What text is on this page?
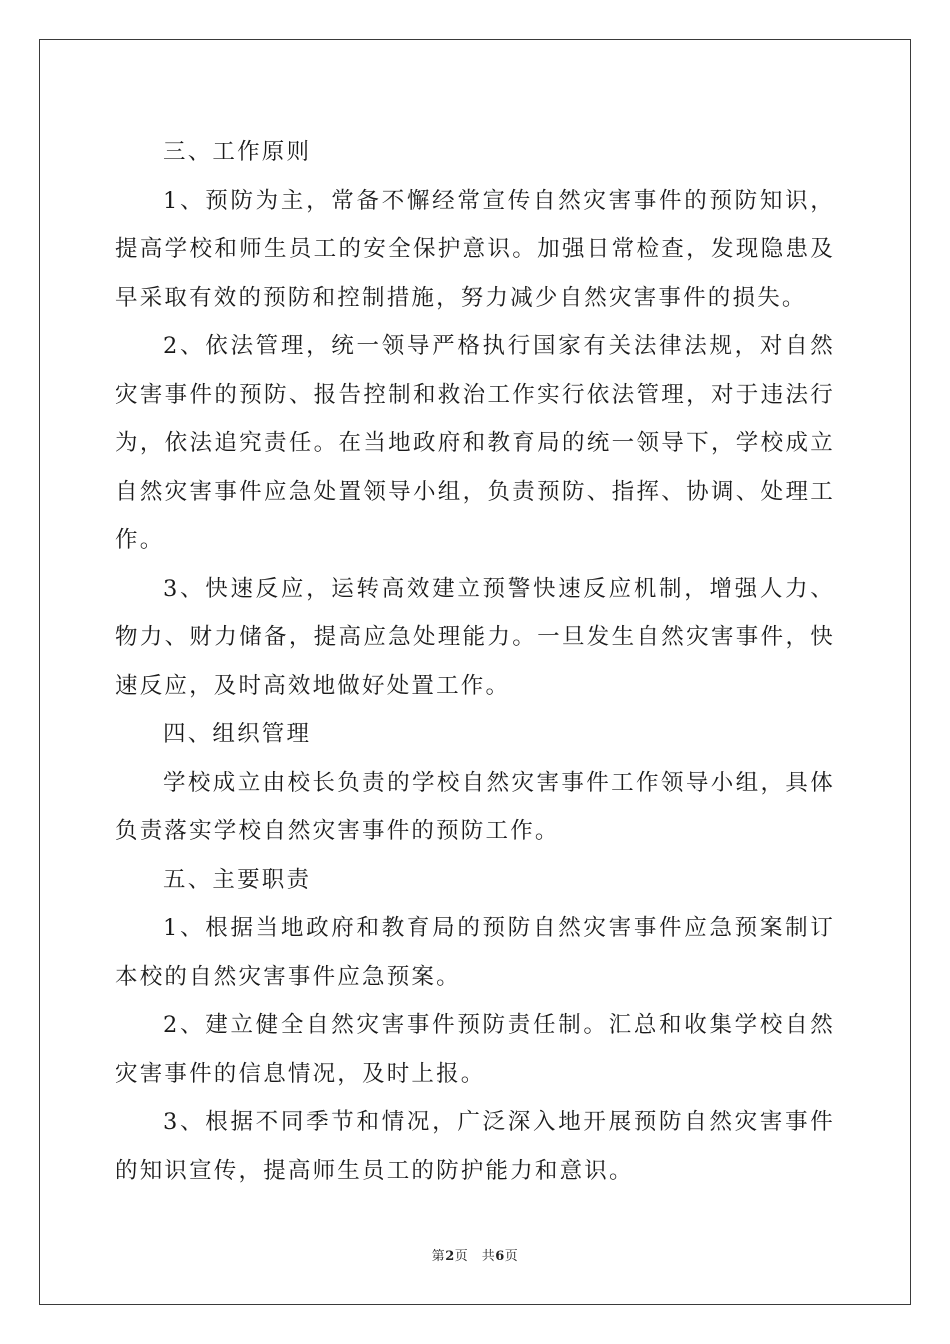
三、工作原则

1、预防为主，常备不懈经常宣传自然灾害事件的预防知识，提高学校和师生员工的安全保护意识。加强日常检查，发现隐患及早采取有效的预防和控制措施，努力减少自然灾害事件的损失。

2、依法管理，统一领导严格执行国家有关法律法规，对自然灾害事件的预防、报告控制和救治工作实行依法管理，对于违法行为，依法追究责任。在当地政府和教育局的统一领导下，学校成立自然灾害事件应急处置领导小组，负责预防、指挥、协调、处理工作。

3、快速反应，运转高效建立预警快速反应机制，增强人力、物力、财力储备，提高应急处理能力。一旦发生自然灾害事件，快速反应，及时高效地做好处置工作。

四、组织管理

学校成立由校长负责的学校自然灾害事件工作领导小组，具体负责落实学校自然灾害事件的预防工作。

五、主要职责

1、根据当地政府和教育局的预防自然灾害事件应急预案制订本校的自然灾害事件应急预案。

2、建立健全自然灾害事件预防责任制。汇总和收集学校自然灾害事件的信息情况，及时上报。

3、根据不同季节和情况，广泛深入地开展预防自然灾害事件的知识宣传，提高师生员工的防护能力和意识。

第2页　共6页
